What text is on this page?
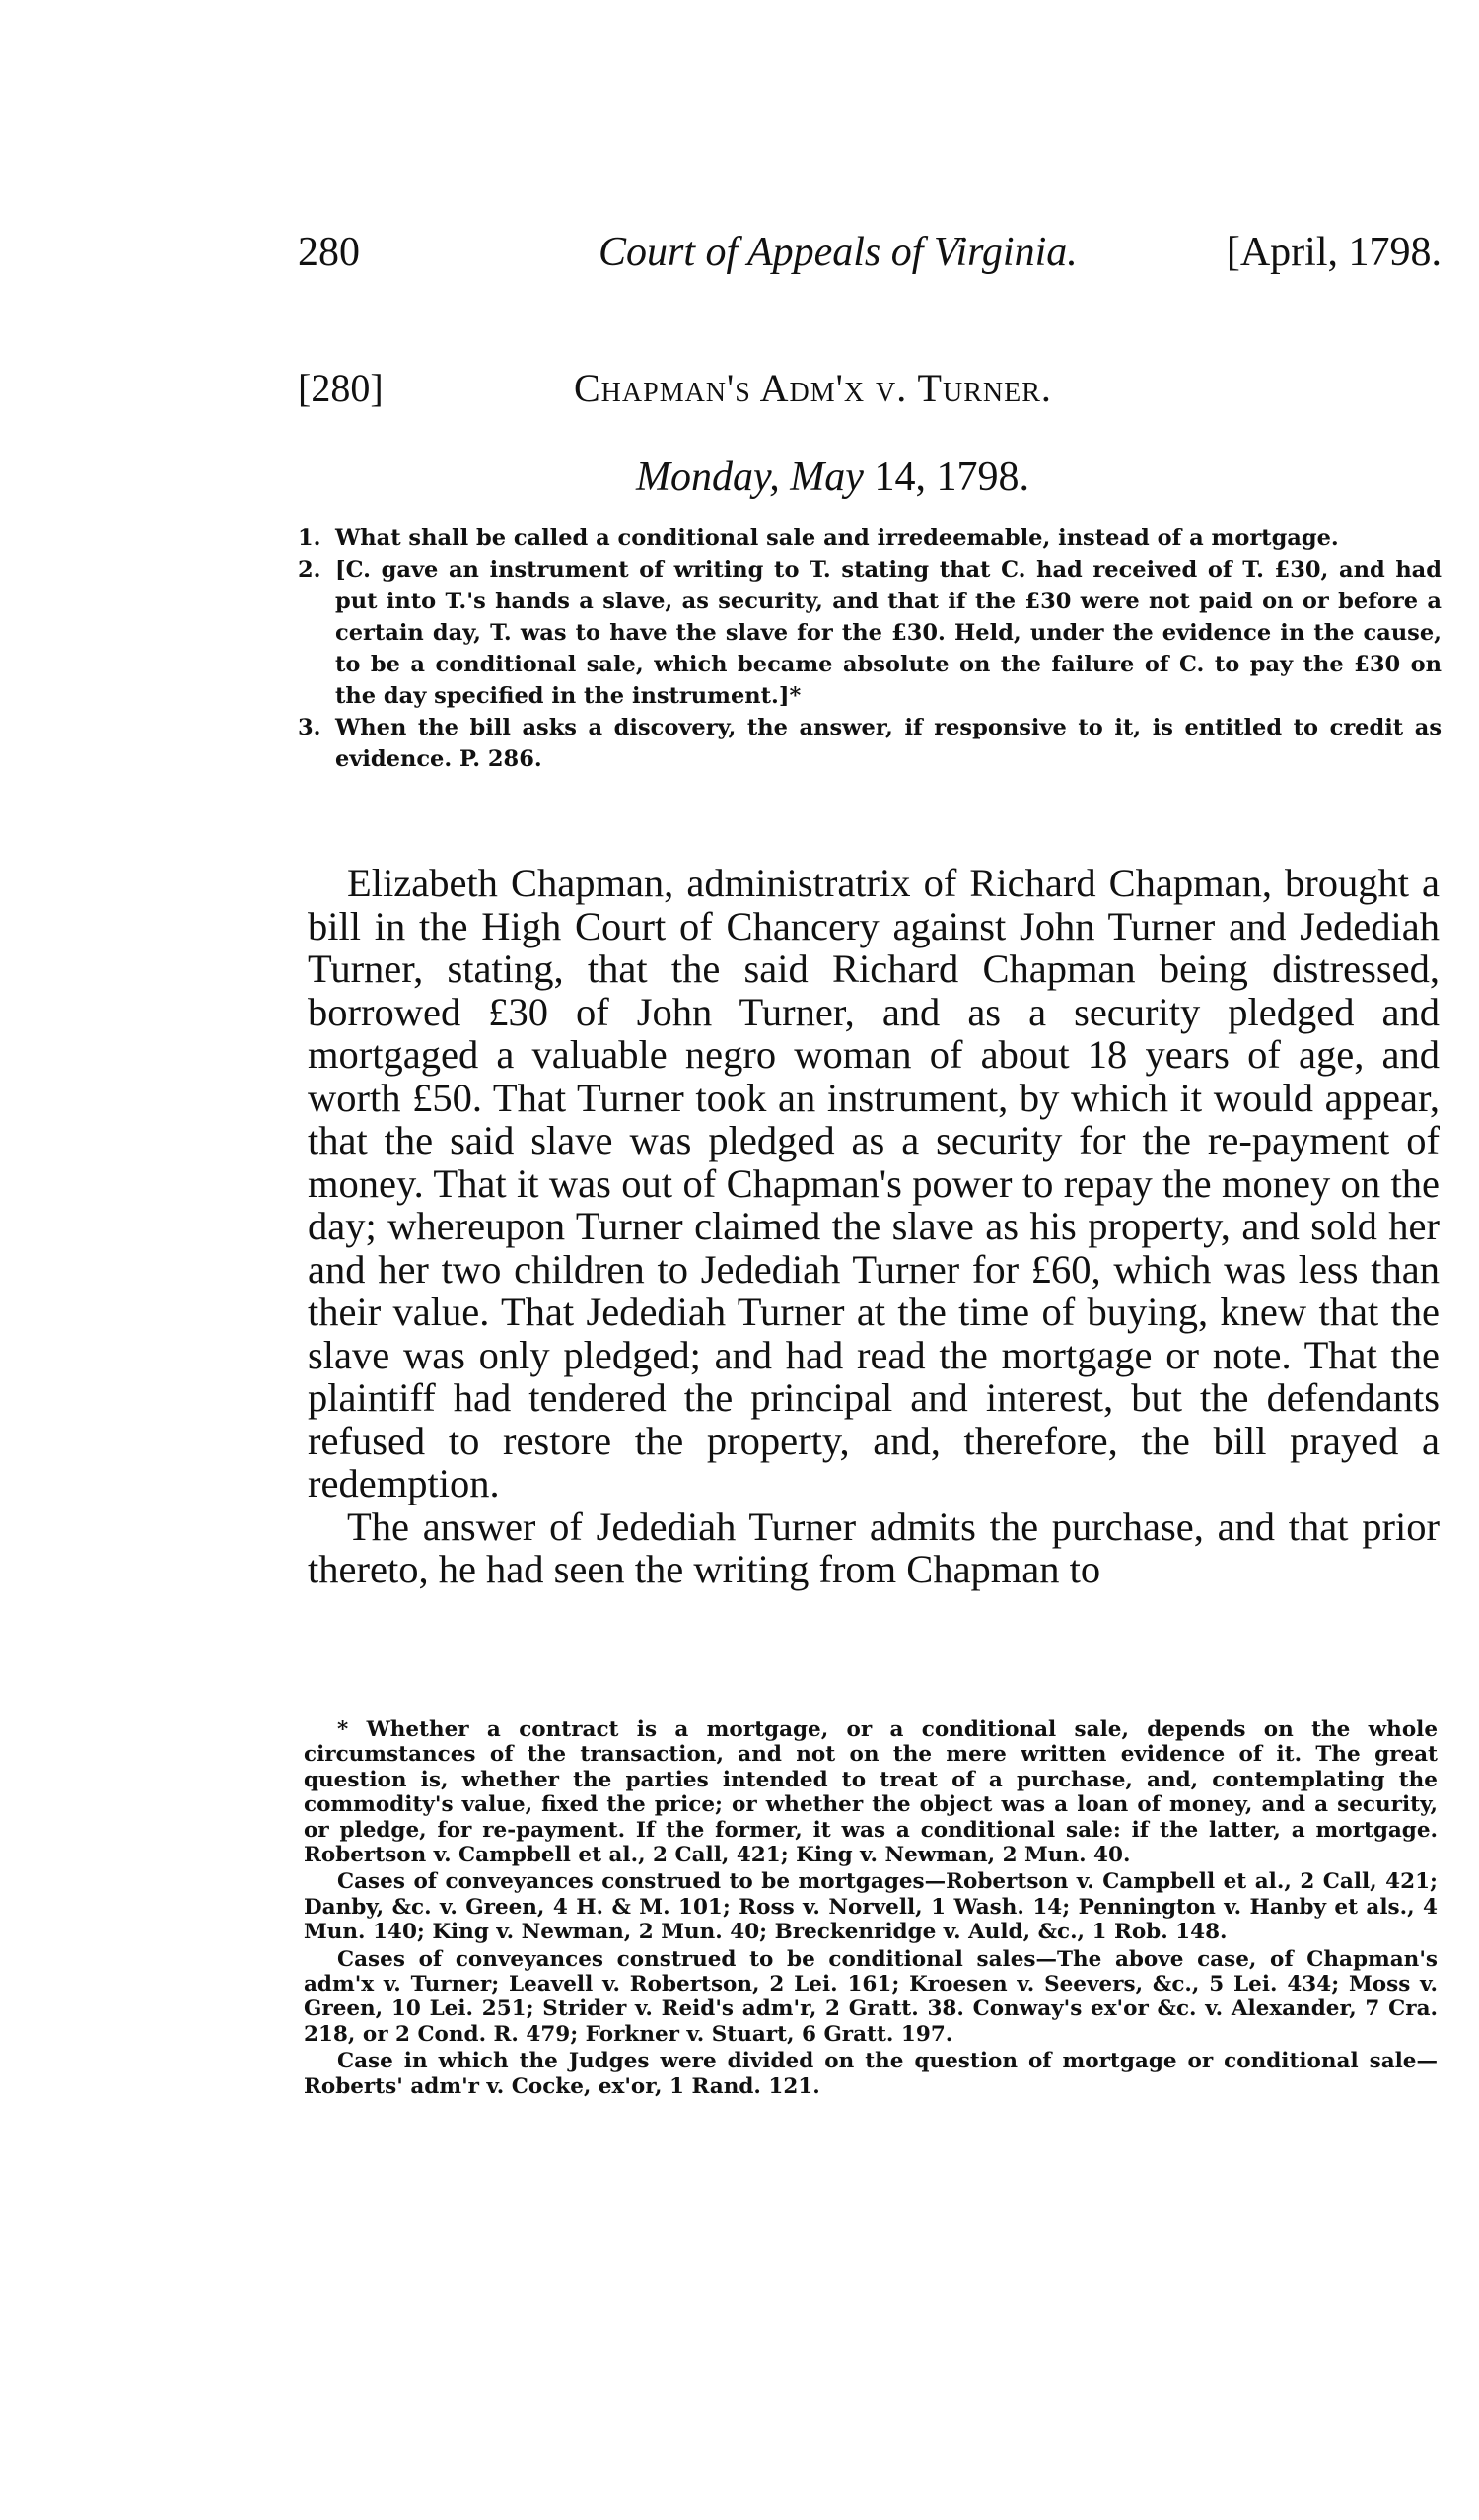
280	Court of Appeals of Virginia.	[April, 1798.
[280]	Chapman's Adm'x v. Turner.
Monday, May 14, 1798.

1. What shall be called a conditional sale and irredeemable, instead of a mortgage.

2. [C. gave an instrument of writing to T. stating that C. had received of T. £30, and had put into T.'s hands a slave, as security, and that if the £30 were not paid on or before a certain day, T. was to have the slave for the £30. Held, under the evidence in the cause, to be a conditional sale, which became absolute on the failure of C. to pay the £30 on the day specified in the instrument.]*

3. When the bill asks a discovery, the answer, if responsive to it, is entitled to credit as evidence. P. 286.

Elizabeth Chapman, administratrix of Richard Chapman, brought a bill in the High Court of Chancery against John Turner and Jedediah Turner, stating, that the said Richard Chapman being distressed, borrowed £30 of John Turner, and as a security pledged and mortgaged a valuable negro woman of about 18 years of age, and worth £50. That Turner took an instrument, by which it would appear, that the said slave was pledged as a security for the re-payment of money. That it was out of Chapman's power to repay the money on the day; whereupon Turner claimed the slave as his property, and sold her and her two children to Jedediah Turner for £60, which was less than their value. That Jedediah Turner at the time of buying, knew that the slave was only pledged; and had read the mortgage or note. That the plaintiff had tendered the principal and interest, but the defendants refused to restore the property, and, therefore, the bill prayed a redemption.

The answer of Jedediah Turner admits the purchase, and that prior thereto, he had seen the writing from Chapman to

* Whether a contract is a mortgage, or a conditional sale, depends on the whole circumstances of the transaction, and not on the mere written evidence of it. The great question is, whether the parties intended to treat of a purchase, and, contemplating the commodity's value, fixed the price; or whether the object was a loan of money, and a security, or pledge, for re-payment. If the former, it was a conditional sale: if the latter, a mortgage. Robertson v. Campbell et al., 2 Call, 421; King v. Newman, 2 Mun. 40.

Cases of conveyances construed to be mortgages—Robertson v. Campbell et al., 2 Call, 421; Danby, &c. v. Green, 4 H. & M. 101; Ross v. Norvell, 1 Wash. 14; Pennington v. Hanby et als., 4 Mun. 140; King v. Newman, 2 Mun. 40; Breckenridge v. Auld, &c., 1 Rob. 148.

Cases of conveyances construed to be conditional sales—The above case, of Chapman's adm'x v. Turner; Leavell v. Robertson, 2 Lei. 161; Kroesen v. Seevers, &c., 5 Lei. 434; Moss v. Green, 10 Lei. 251; Strider v. Reid's adm'r, 2 Gratt. 38. Conway's ex'or &c. v. Alexander, 7 Cra. 218, or 2 Cond. R. 479; Forkner v. Stuart, 6 Gratt. 197.

Case in which the Judges were divided on the question of mortgage or conditional sale—Roberts' adm'r v. Cocke, ex'or, 1 Rand. 121.
